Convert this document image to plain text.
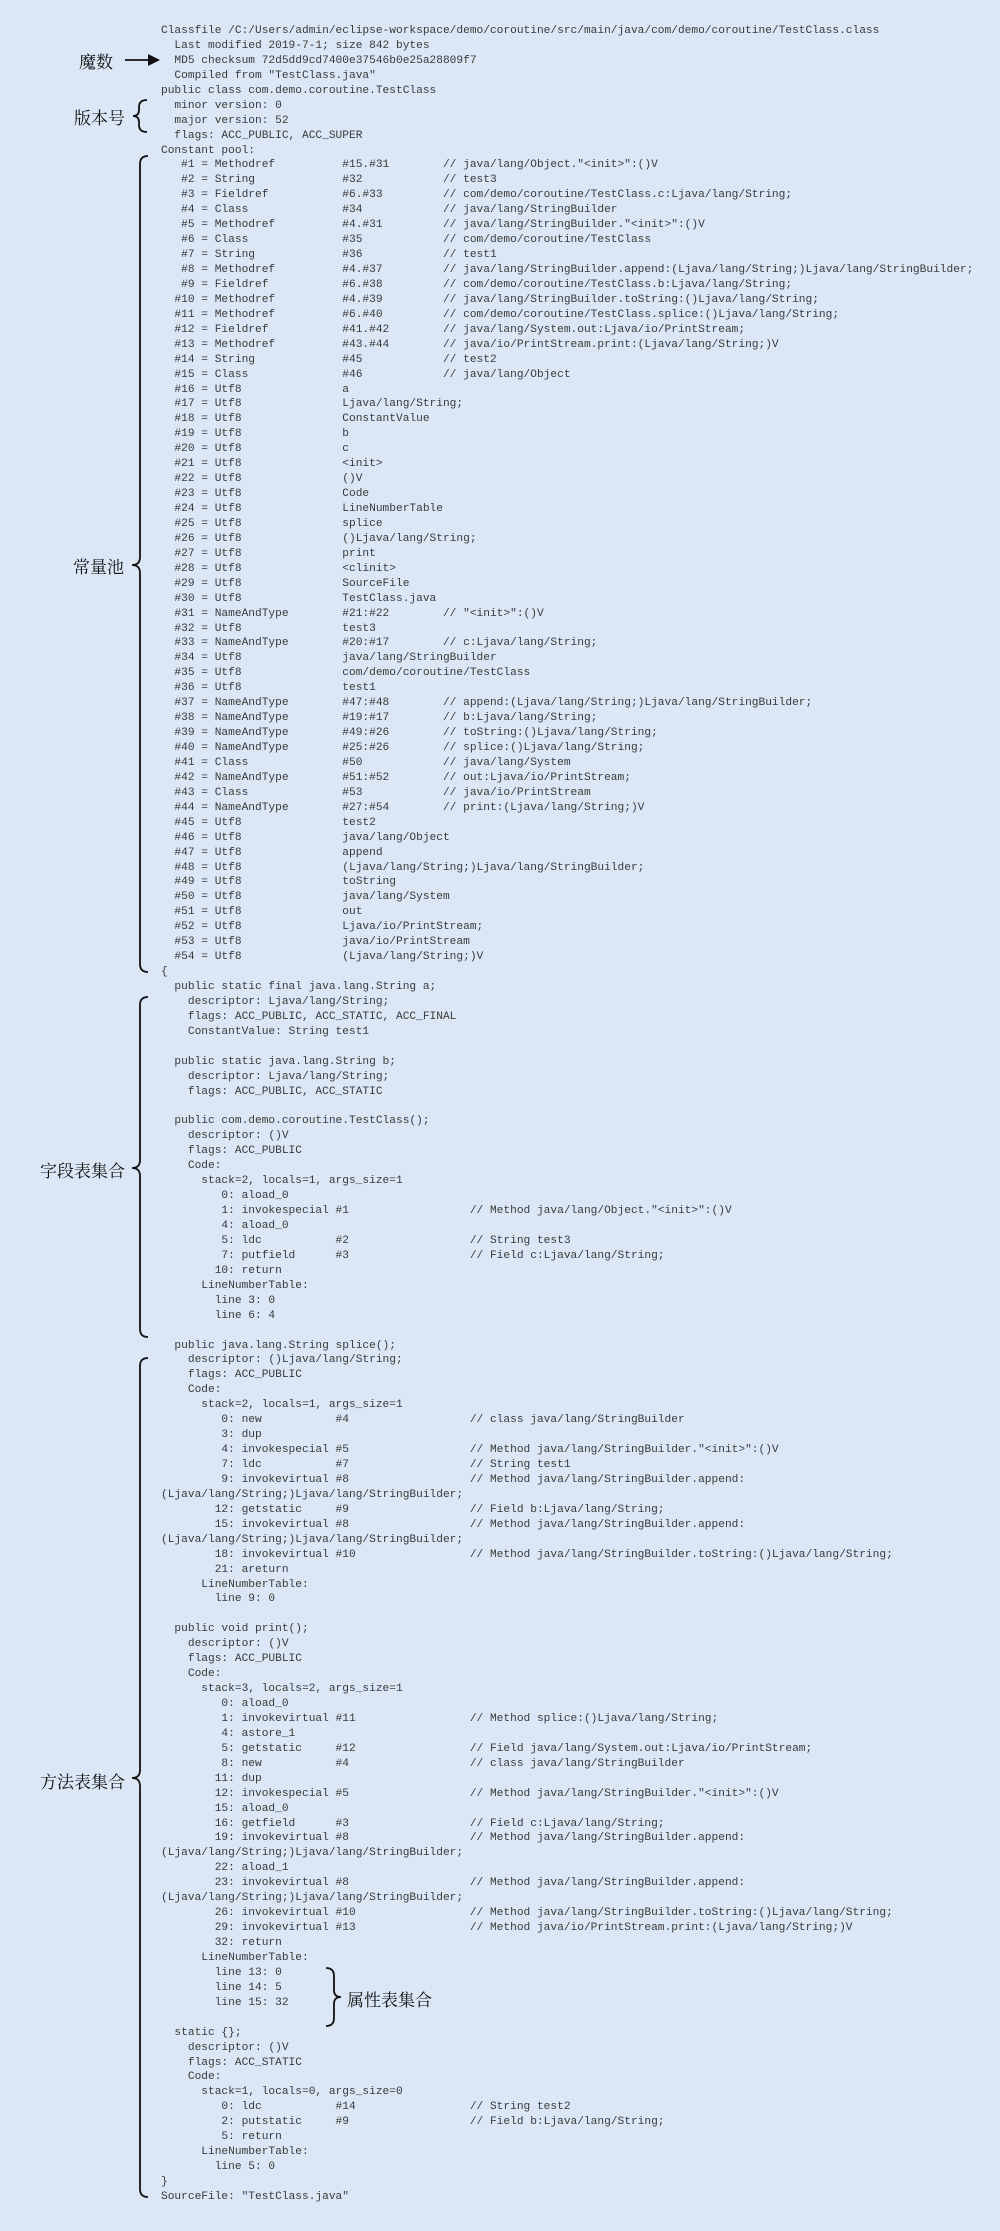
Classfile /C:/Users/admin/eclipse-workspace/demo/coroutine/src/main/java/com/demo/coroutine/TestClass.class
Last modified 2019-7-1; size 842 bytes
MD5 checksum 72d5dd9cd7400e37546b0e25a28809f7
Compiled from "TestClass.java"
public class com.demo.coroutine.TestClass
minor version: 0
major version: 52
flags: ACC_PUBLIC, ACC_SUPER
Constant pool:
#1 = Methodref          #15.#31        // java/lang/Object."<init>":()V
#2 = String             #32            // test3
#3 = Fieldref           #6.#33         // com/demo/coroutine/TestClass.c:Ljava/lang/String;
#4 = Class              #34            // java/lang/StringBuilder
#5 = Methodref          #4.#31         // java/lang/StringBuilder."<init>":()V
#6 = Class              #35            // com/demo/coroutine/TestClass
#7 = String             #36            // test1
#8 = Methodref          #4.#37         // java/lang/StringBuilder.append:(Ljava/lang/String;)Ljava/lang/StringBuilder;
#9 = Fieldref           #6.#38         // com/demo/coroutine/TestClass.b:Ljava/lang/String;
#10 = Methodref          #4.#39         // java/lang/StringBuilder.toString:()Ljava/lang/String;
#11 = Methodref          #6.#40         // com/demo/coroutine/TestClass.splice:()Ljava/lang/String;
#12 = Fieldref           #41.#42        // java/lang/System.out:Ljava/io/PrintStream;
#13 = Methodref          #43.#44        // java/io/PrintStream.print:(Ljava/lang/String;)V
#14 = String             #45            // test2
#15 = Class              #46            // java/lang/Object
#16 = Utf8               a
#17 = Utf8               Ljava/lang/String;
#18 = Utf8               ConstantValue
#19 = Utf8               b
#20 = Utf8               c
#21 = Utf8               <init>
#22 = Utf8               ()V
#23 = Utf8               Code
#24 = Utf8               LineNumberTable
#25 = Utf8               splice
#26 = Utf8               ()Ljava/lang/String;
#27 = Utf8               print
#28 = Utf8               <clinit>
#29 = Utf8               SourceFile
#30 = Utf8               TestClass.java
#31 = NameAndType        #21:#22        // "<init>":()V
#32 = Utf8               test3
#33 = NameAndType        #20:#17        // c:Ljava/lang/String;
#34 = Utf8               java/lang/StringBuilder
#35 = Utf8               com/demo/coroutine/TestClass
#36 = Utf8               test1
#37 = NameAndType        #47:#48        // append:(Ljava/lang/String;)Ljava/lang/StringBuilder;
#38 = NameAndType        #19:#17        // b:Ljava/lang/String;
#39 = NameAndType        #49:#26        // toString:()Ljava/lang/String;
#40 = NameAndType        #25:#26        // splice:()Ljava/lang/String;
#41 = Class              #50            // java/lang/System
#42 = NameAndType        #51:#52        // out:Ljava/io/PrintStream;
#43 = Class              #53            // java/io/PrintStream
#44 = NameAndType        #27:#54        // print:(Ljava/lang/String;)V
#45 = Utf8               test2
#46 = Utf8               java/lang/Object
#47 = Utf8               append
#48 = Utf8               (Ljava/lang/String;)Ljava/lang/StringBuilder;
#49 = Utf8               toString
#50 = Utf8               java/lang/System
#51 = Utf8               out
#52 = Utf8               Ljava/io/PrintStream;
#53 = Utf8               java/io/PrintStream
#54 = Utf8               (Ljava/lang/String;)V
{
public static final java.lang.String a;
descriptor: Ljava/lang/String;
flags: ACC_PUBLIC, ACC_STATIC, ACC_FINAL
ConstantValue: String test1
public static java.lang.String b;
descriptor: Ljava/lang/String;
flags: ACC_PUBLIC, ACC_STATIC
public com.demo.coroutine.TestClass();
descriptor: ()V
flags: ACC_PUBLIC
Code:
stack=2, locals=1, args_size=1
0: aload_0
1: invokespecial #1                  // Method java/lang/Object."<init>":()V
4: aload_0
5: ldc           #2                  // String test3
7: putfield      #3                  // Field c:Ljava/lang/String;
10: return
LineNumberTable:
line 3: 0
line 6: 4
public java.lang.String splice();
descriptor: ()Ljava/lang/String;
flags: ACC_PUBLIC
Code:
stack=2, locals=1, args_size=1
0: new           #4                  // class java/lang/StringBuilder
3: dup
4: invokespecial #5                  // Method java/lang/StringBuilder."<init>":()V
7: ldc           #7                  // String test1
9: invokevirtual #8                  // Method java/lang/StringBuilder.append:
(Ljava/lang/String;)Ljava/lang/StringBuilder;
12: getstatic     #9                  // Field b:Ljava/lang/String;
15: invokevirtual #8                  // Method java/lang/StringBuilder.append:
(Ljava/lang/String;)Ljava/lang/StringBuilder;
18: invokevirtual #10                 // Method java/lang/StringBuilder.toString:()Ljava/lang/String;
21: areturn
LineNumberTable:
line 9: 0
public void print();
descriptor: ()V
flags: ACC_PUBLIC
Code:
stack=3, locals=2, args_size=1
0: aload_0
1: invokevirtual #11                 // Method splice:()Ljava/lang/String;
4: astore_1
5: getstatic     #12                 // Field java/lang/System.out:Ljava/io/PrintStream;
8: new           #4                  // class java/lang/StringBuilder
11: dup
12: invokespecial #5                  // Method java/lang/StringBuilder."<init>":()V
15: aload_0
16: getfield      #3                  // Field c:Ljava/lang/String;
19: invokevirtual #8                  // Method java/lang/StringBuilder.append:
(Ljava/lang/String;)Ljava/lang/StringBuilder;
22: aload_1
23: invokevirtual #8                  // Method java/lang/StringBuilder.append:
(Ljava/lang/String;)Ljava/lang/StringBuilder;
26: invokevirtual #10                 // Method java/lang/StringBuilder.toString:()Ljava/lang/String;
29: invokevirtual #13                 // Method java/io/PrintStream.print:(Ljava/lang/String;)V
32: return
LineNumberTable:
line 13: 0
line 14: 5
line 15: 32
static {};
descriptor: ()V
flags: ACC_STATIC
Code:
stack=1, locals=0, args_size=0
0: ldc           #14                 // String test2
2: putstatic     #9                  // Field b:Ljava/lang/String;
5: return
LineNumberTable:
line 5: 0
}
SourceFile: "TestClass.java"
魔数
版本号
常量池
字段表集合
方法表集合
属性表集合
